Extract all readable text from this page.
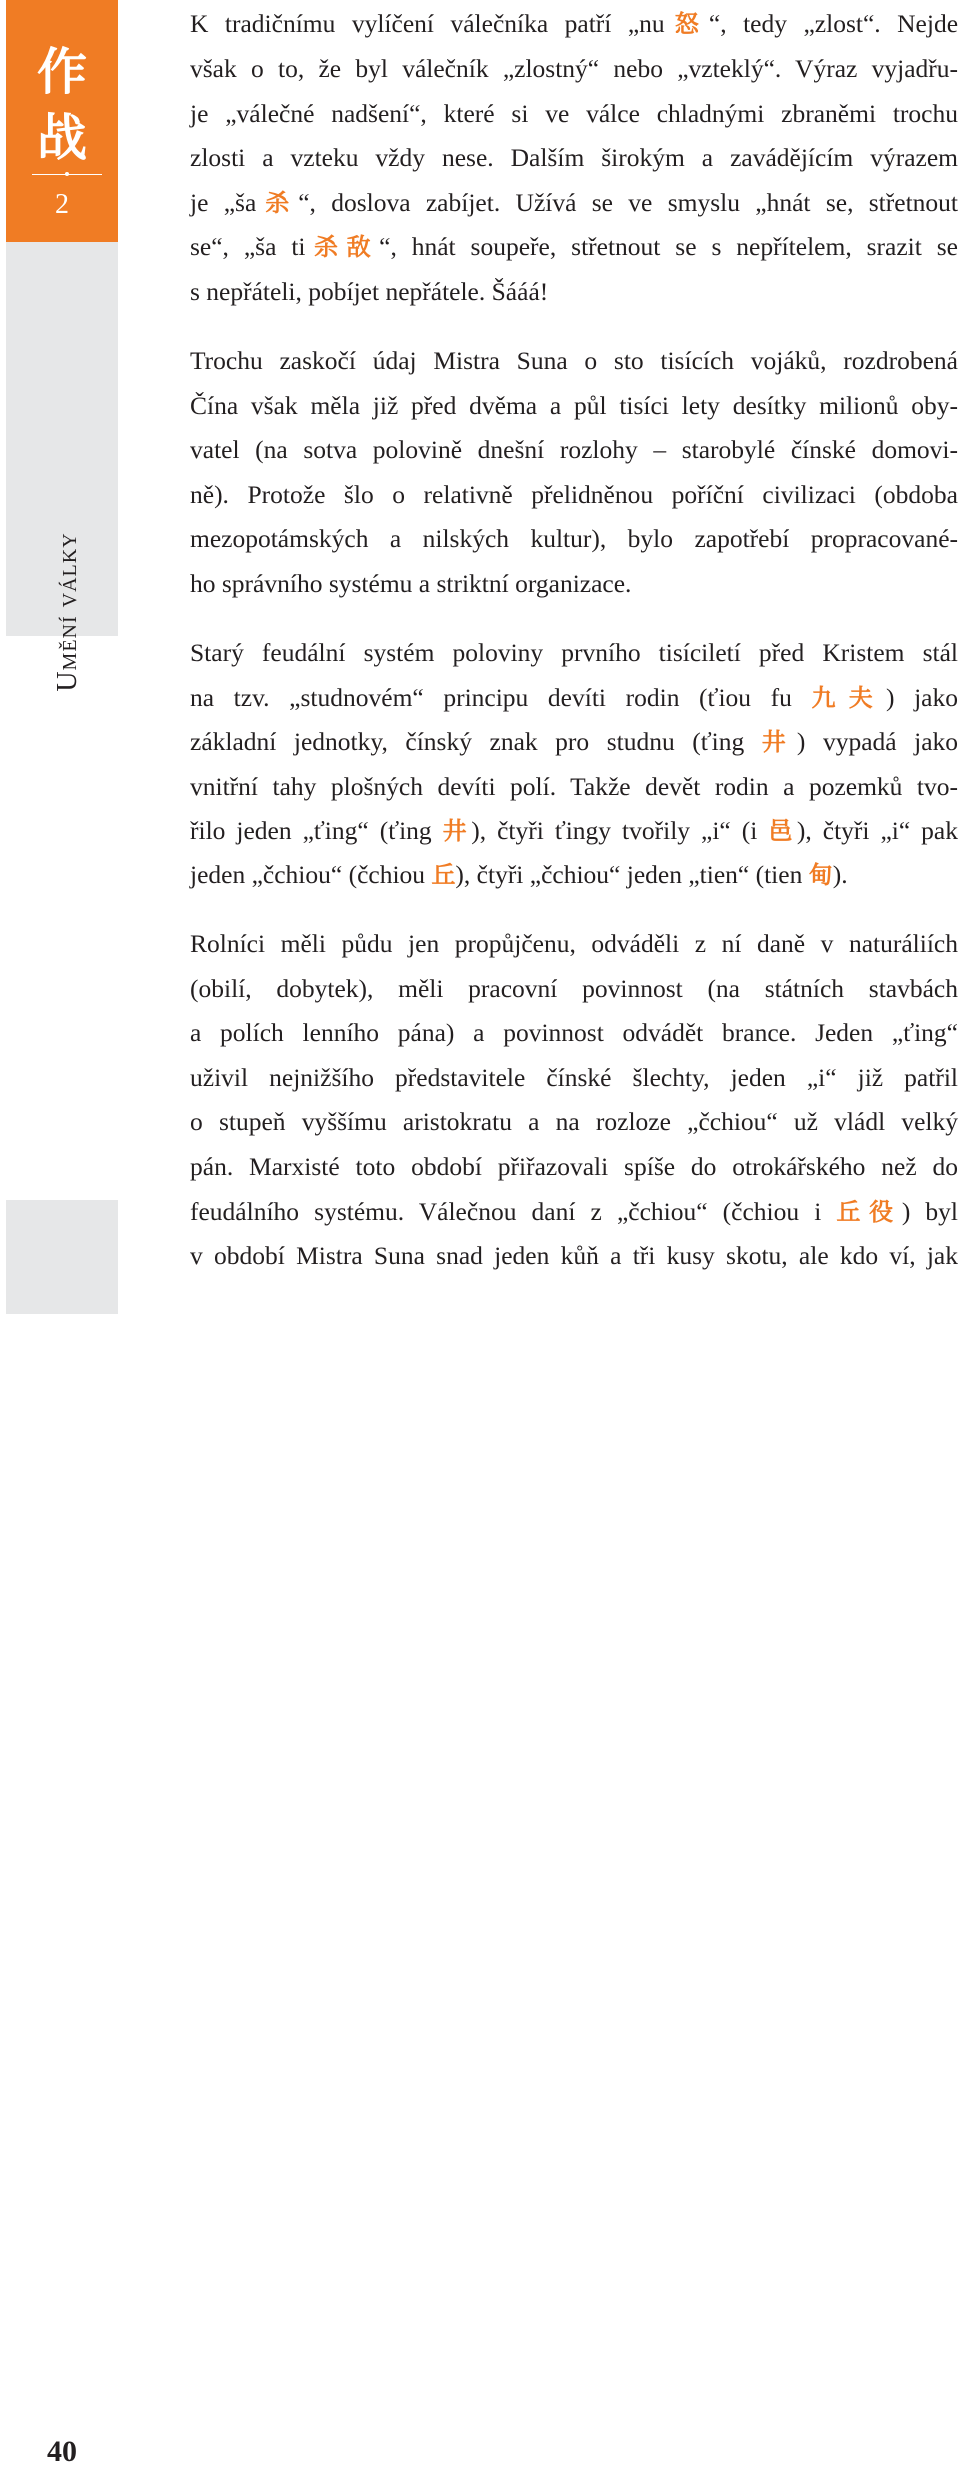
作
战
2
Umění války
40
K tradičnímu vylíčení válečníka patří „nu怒“, tedy „zlost“. Nejde
však o to, že byl válečník „zlostný“ nebo „vzteklý“. Výraz vyjadřu-
je „válečné nadšení“, které si ve válce chladnými zbraněmi trochu
zlosti a vzteku vždy nese. Dalším širokým a zavádějícím výrazem
je „ša杀“, doslova zabíjet. Užívá se ve smyslu „hnát se, střetnout
se“, „ša ti杀敌“, hnát soupeře, střetnout se s nepřítelem, srazit se
s nepřáteli, pobíjet nepřátele. Šááá!
Trochu zaskočí údaj Mistra Suna o sto tisících vojáků, rozdrobená
Čína však měla již před dvěma a půl tisíci lety desítky milionů oby-
vatel (na sotva polovině dnešní rozlohy – starobylé čínské domovi-
ně). Protože šlo o relativně přelidněnou poříční civilizaci (obdoba
mezopotámských a nilských kultur), bylo zapotřebí propracované-
ho správního systému a striktní organizace.
Starý feudální systém poloviny prvního tisíciletí před Kristem stál
na tzv. „studnovém“ principu devíti rodin (ťiou fu 九夫) jako
základní jednotky, čínský znak pro studnu (ťing 井) vypadá jako
vnitřní tahy plošných devíti polí. Takže devět rodin a pozemků tvo-
řilo jeden „ťing“ (ťing 井), čtyři ťingy tvořily „i“ (i 邑), čtyři „i“ pak
jeden „čchiou“ (čchiou 丘), čtyři „čchiou“ jeden „tien“ (tien 甸).
Rolníci měli půdu jen propůjčenu, odváděli z ní daně v naturáliích
(obilí, dobytek), měli pracovní povinnost (na státních stavbách
a polích lenního pána) a povinnost odvádět brance. Jeden „ťing“
uživil nejnižšího představitele čínské šlechty, jeden „i“ již patřil
o stupeň vyššímu aristokratu a na rozloze „čchiou“ už vládl velký
pán. Marxisté toto období přiřazovali spíše do otrokářského než do
feudálního systému. Válečnou daní z „čchiou“ (čchiou i 丘役) byl
v období Mistra Suna snad jeden kůň a tři kusy skotu, ale kdo ví, jak
